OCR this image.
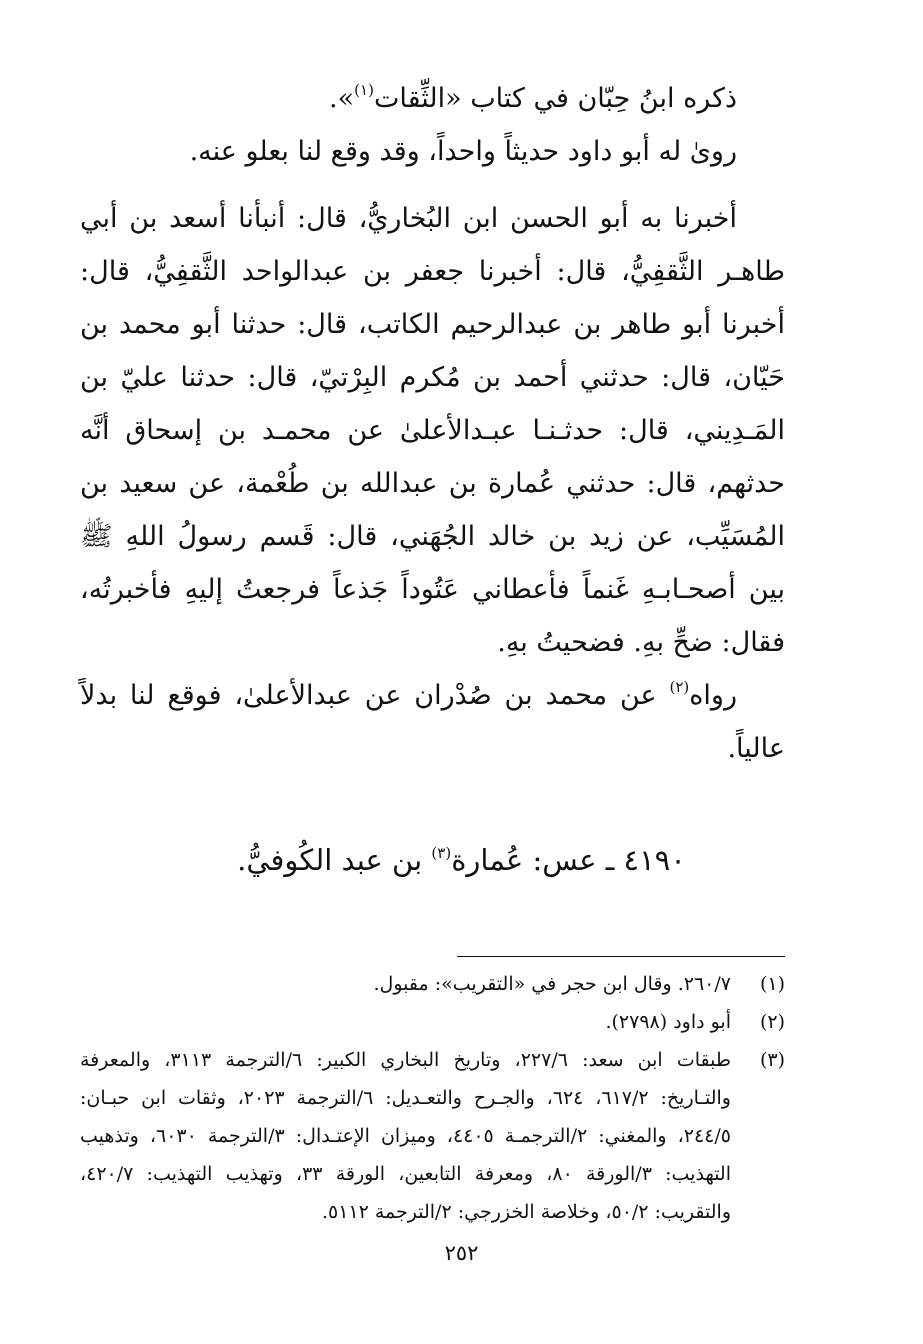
ذكره ابنُ حِبّان في كتاب «الثِّقات$^{(١)}$».

روىٰ له أبو داود حديثاً واحداً، وقد وقع لنا بعلو عنه.

أخبرنا به أبو الحسن ابن البُخاريُّ، قال: أنبأنا أسعد بن أبي طاهـر الثَّقفِيُّ، قال: أخبرنا جعفر بن عبدالواحد الثَّقفِيُّ، قال: أخبرنا أبو طاهر بن عبدالرحيم الكاتب، قال: حدثنا أبو محمد بن حَيّان، قال: حدثني أحمد بن مُكرم البِرْتيّ، قال: حدثنا عليّ بن المَـدِيني، قال: حدثـنـا عبـدالأعلىٰ عن محمـد بن إسحاق أنَّه حدثهم، قال: حدثني عُمارة بن عبدالله بن طُعْمة، عن سعيد بن المُسَيِّب، عن زيد بن خالد الجُهَني، قال: قَسم رسولُ اللهِ ﷺ بين أصحـابـهِ غَنماً فأعطاني عَتُوداً جَذعاً فرجعتُ إليهِ فأخبرتُه، فقال: ضحِّ بهِ. فضحيتُ بهِ.

رواه$^{(٢)}$ عن محمد بن صُدْران عن عبدالأعلىٰ، فوقع لنا بدلاً عالياً.

٤١٩٠ ـ عس: عُمارة$^{(٣)}$ بن عبد الكُوفيُّ.
(١)
٢٦٠/٧. وقال ابن حجر في «التقريب»: مقبول.
(٢)
أبو داود (٢٧٩٨).
(٣)
طبقات ابن سعد: ٢٢٧/٦، وتاريخ البخاري الكبير: ٦/الترجمة ٣١١٣، والمعرفة والتـاريخ: ٦١٧/٢، ٦٢٤، والجـرح والتعـديل: ٦/الترجمة ٢٠٢٣، وثقات ابن حبـان: ٢٤٤/٥، والمغني: ٢/الترجمـة ٤٤٠٥، وميزان الإعتـدال: ٣/الترجمة ٦٠٣٠، وتذهيب التهذيب: ٣/الورقة ٨٠، ومعرفة التابعين، الورقة ٣٣، وتهذيب التهذيب: ٤٢٠/٧، والتقريب: ٥٠/٢، وخلاصة الخزرجي: ٢/الترجمة ٥١١٢.
٢٥٢
